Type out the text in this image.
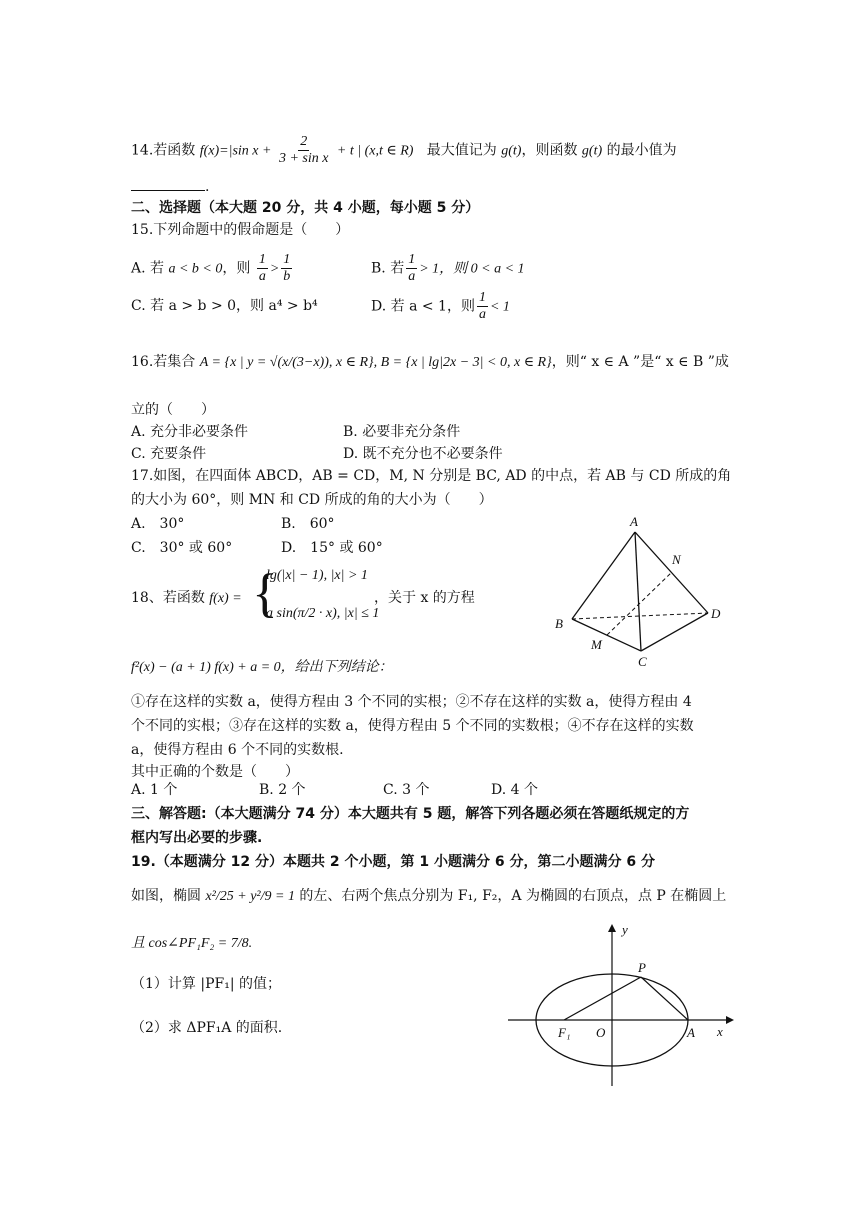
14.若函数 f(x)=|sin $x + \frac{2}{\text{3 + sin x}} + t$ | (x,t ∈ R) 最大值记为 g(t)，则函数 g(t) 的最小值为
.
二、选择题（本大题 20 分，共 4 小题，每小题 5 分）
15.下列命题中的假命题是（　　）
A. 若 a < b < 0，则 $\frac{1}{a} > \frac{1}{b}$	B. 若 $\frac{1}{a} > 1$，则 0 < a < 1
C. 若 a > b > 0，则 a⁴ > b⁴	D. 若 a < 1，则 $\frac{1}{a} < 1$
16.若集合 A = {x | y = √(x/(3−x)), x ∈ R}, B = {x | lg|2x − 3| < 0, x ∈ R}，则“ x ∈ A ”是“ x ∈ B ”成
立的（　　）
A. 充分非必要条件	B. 必要非充分条件
C. 充要条件	D. 既不充分也不必要条件
17.如图，在四面体 ABCD，AB = CD，M, N 分别是 BC, AD 的中点，若 AB 与 CD 所成的角
的大小为 60°，则 MN 和 CD 所成的角的大小为（　　）
A.　30°	B.　60°
C.　30° 或 60°	D.　15° 或 60°
A
N
D
B
M
C
18、若函数 f(x) = {
lg(|x| − 1), |x| > 1
a sin(π/2 · x), |x| ≤ 1
，关于 x 的方程
f²(x) − (a + 1) f(x) + a = 0，给出下列结论：
①存在这样的实数 a，使得方程由 3 个不同的实根；②不存在这样的实数 a，使得方程由 4
个不同的实根；③存在这样的实数 a，使得方程由 5 个不同的实数根；④不存在这样的实数
a，使得方程由 6 个不同的实数根.
其中正确的个数是（　　）
A. 1 个	B. 2 个	C. 3 个	D. 4 个
三、解答题:（本大题满分 74 分）本大题共有 5 题，解答下列各题必须在答题纸规定的方
框内写出必要的步骤.
19.（本题满分 12 分）本题共 2 个小题，第 1 小题满分 6 分，第二小题满分 6 分
如图，椭圆 x²/25 + y²/9 = 1 的左、右两个焦点分别为 F₁, F₂，A 为椭圆的右顶点，点 P 在椭圆上
且 cos∠PF₁F₂ = 7/8.
（1）计算 |PF₁| 的值；
（2）求 ΔPF₁A 的面积.
y
x
P
F₁ O	A
